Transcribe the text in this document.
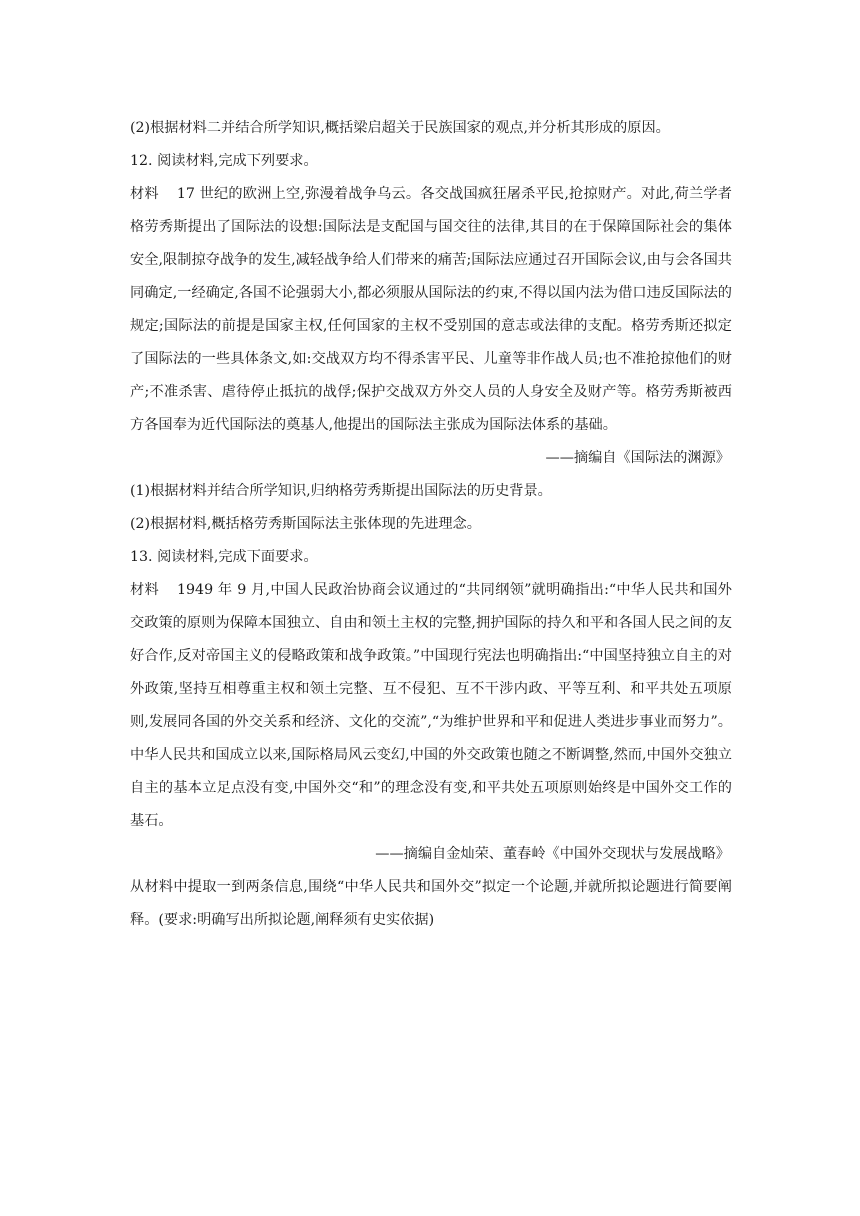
(2)根据材料二并结合所学知识,概括梁启超关于民族国家的观点,并分析其形成的原因。

12. 阅读材料,完成下列要求。

材料 17 世纪的欧洲上空,弥漫着战争乌云。各交战国疯狂屠杀平民,抢掠财产。对此,荷兰学者格劳秀斯提出了国际法的设想:国际法是支配国与国交往的法律,其目的在于保障国际社会的集体安全,限制掠夺战争的发生,减轻战争给人们带来的痛苦;国际法应通过召开国际会议,由与会各国共同确定,一经确定,各国不论强弱大小,都必须服从国际法的约束,不得以国内法为借口违反国际法的规定;国际法的前提是国家主权,任何国家的主权不受别国的意志或法律的支配。格劳秀斯还拟定了国际法的一些具体条文,如:交战双方均不得杀害平民、儿童等非作战人员;也不准抢掠他们的财产;不准杀害、虐待停止抵抗的战俘;保护交战双方外交人员的人身安全及财产等。格劳秀斯被西方各国奉为近代国际法的奠基人,他提出的国际法主张成为国际法体系的基础。

——摘编自《国际法的渊源》

(1)根据材料并结合所学知识,归纳格劳秀斯提出国际法的历史背景。

(2)根据材料,概括格劳秀斯国际法主张体现的先进理念。

13. 阅读材料,完成下面要求。

材料 1949 年 9 月,中国人民政治协商会议通过的“共同纲领”就明确指出:“中华人民共和国外交政策的原则为保障本国独立、自由和领土主权的完整,拥护国际的持久和平和各国人民之间的友好合作,反对帝国主义的侵略政策和战争政策。”中国现行宪法也明确指出:“中国坚持独立自主的对外政策,坚持互相尊重主权和领土完整、互不侵犯、互不干涉内政、平等互利、和平共处五项原则,发展同各国的外交关系和经济、文化的交流”,“为维护世界和平和促进人类进步事业而努力”。中华人民共和国成立以来,国际格局风云变幻,中国的外交政策也随之不断调整,然而,中国外交独立自主的基本立足点没有变,中国外交“和”的理念没有变,和平共处五项原则始终是中国外交工作的基石。

——摘编自金灿荣、董春岭《中国外交现状与发展战略》

从材料中提取一到两条信息,围绕“中华人民共和国外交”拟定一个论题,并就所拟论题进行简要阐释。(要求:明确写出所拟论题,阐释须有史实依据)
